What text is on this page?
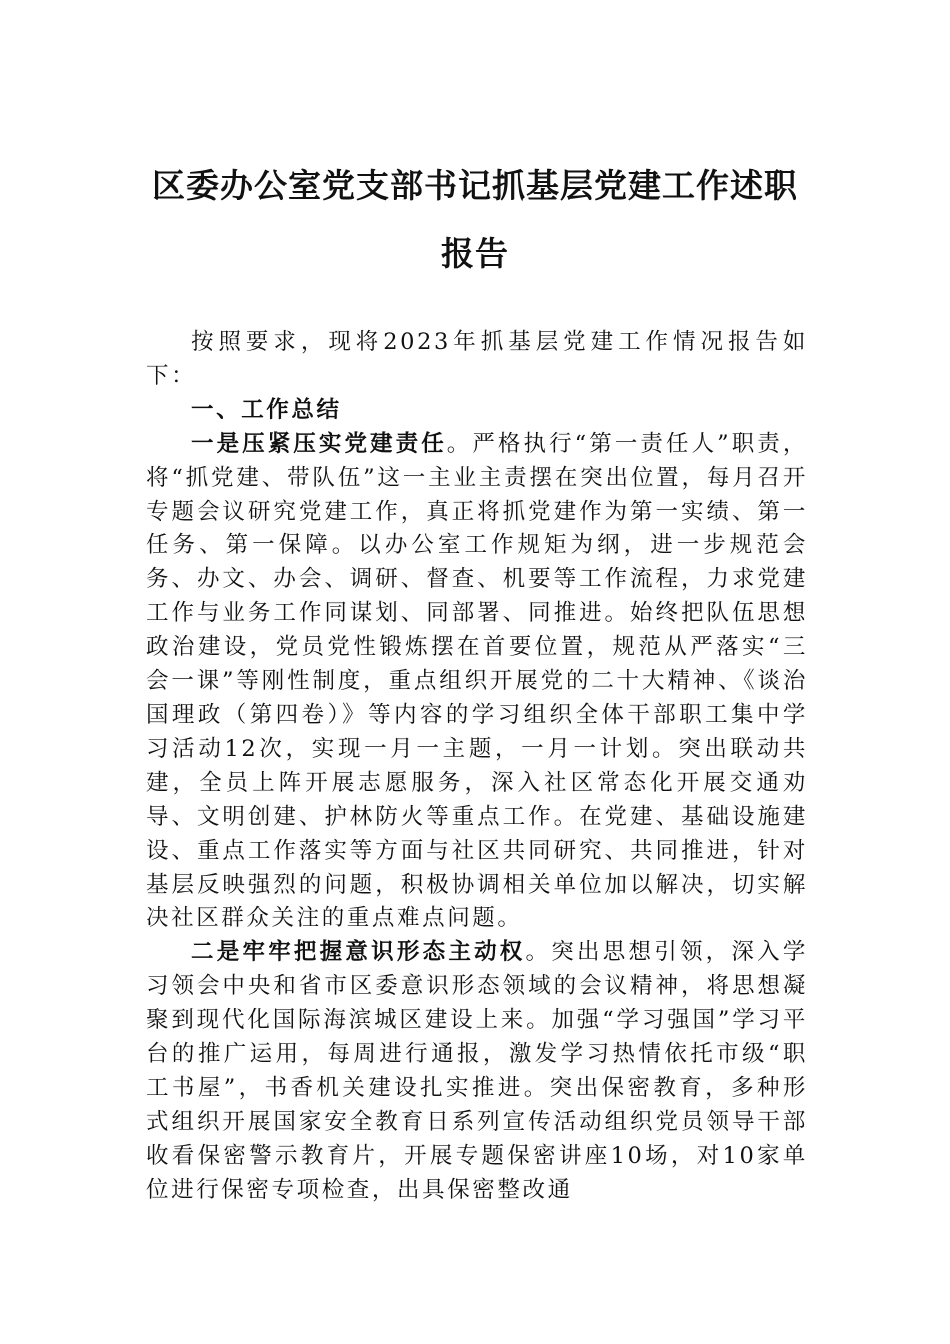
区委办公室党支部书记抓基层党建工作述职报告

按照要求，现将2023年抓基层党建工作情况报告如下：

一、工作总结

一是压紧压实党建责任。严格执行“第一责任人”职责，将“抓党建、带队伍”这一主业主责摆在突出位置，每月召开专题会议研究党建工作，真正将抓党建作为第一实绩、第一任务、第一保障。以办公室工作规矩为纲，进一步规范会务、办文、办会、调研、督查、机要等工作流程，力求党建工作与业务工作同谋划、同部署、同推进。始终把队伍思想政治建设，党员党性锻炼摆在首要位置，规范从严落实“三会一课”等刚性制度，重点组织开展党的二十大精神、《谈治国理政（第四卷）》等内容的学习组织全体干部职工集中学习活动12次，实现一月一主题，一月一计划。突出联动共建，全员上阵开展志愿服务，深入社区常态化开展交通劝导、文明创建、护林防火等重点工作。在党建、基础设施建设、重点工作落实等方面与社区共同研究、共同推进，针对基层反映强烈的问题，积极协调相关单位加以解决，切实解决社区群众关注的重点难点问题。

二是牢牢把握意识形态主动权。突出思想引领，深入学习领会中央和省市区委意识形态领域的会议精神，将思想凝聚到现代化国际海滨城区建设上来。加强“学习强国”学习平台的推广运用，每周进行通报，激发学习热情依托市级“职工书屋”，书香机关建设扎实推进。突出保密教育，多种形式组织开展国家安全教育日系列宣传活动组织党员领导干部收看保密警示教育片，开展专题保密讲座10场，对10家单位进行保密专项检查，出具保密整改通
